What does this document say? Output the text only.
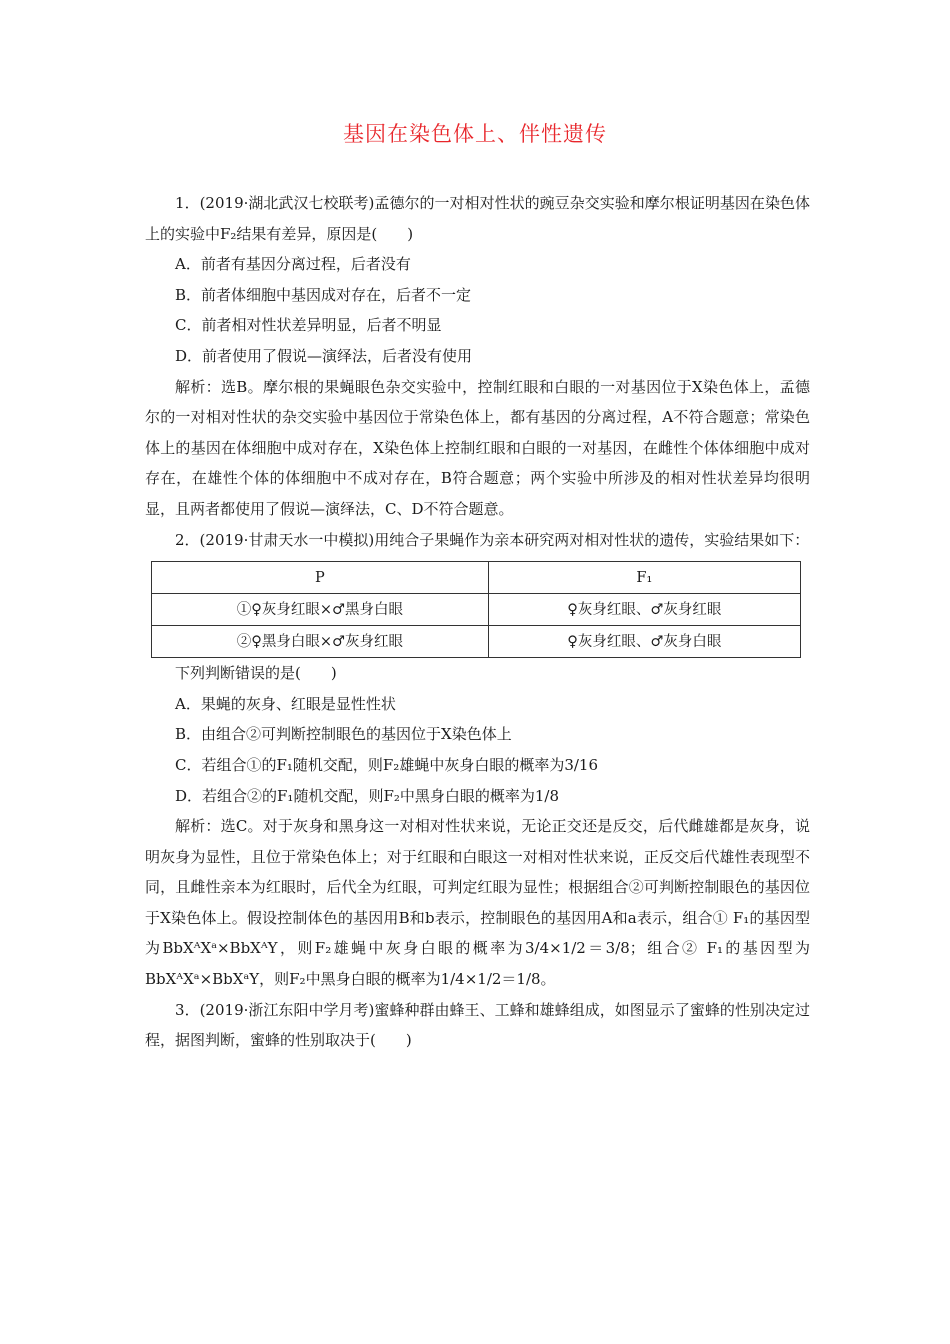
基因在染色体上、伴性遗传

1．(2019·湖北武汉七校联考)孟德尔的一对相对性状的豌豆杂交实验和摩尔根证明基因在染色体上的实验中F₂结果有差异，原因是(　　)

A．前者有基因分离过程，后者没有

B．前者体细胞中基因成对存在，后者不一定

C．前者相对性状差异明显，后者不明显

D．前者使用了假说—演绎法，后者没有使用

解析：选B。摩尔根的果蝇眼色杂交实验中，控制红眼和白眼的一对基因位于X染色体上，孟德尔的一对相对性状的杂交实验中基因位于常染色体上，都有基因的分离过程，A不符合题意；常染色体上的基因在体细胞中成对存在，X染色体上控制红眼和白眼的一对基因，在雌性个体体细胞中成对存在，在雄性个体的体细胞中不成对存在，B符合题意；两个实验中所涉及的相对性状差异均很明显，且两者都使用了假说—演绎法，C、D不符合题意。

2．(2019·甘肃天水一中模拟)用纯合子果蝇作为亲本研究两对相对性状的遗传，实验结果如下：

P	F₁
①♀灰身红眼×♂黑身白眼	♀灰身红眼、♂灰身红眼
②♀黑身白眼×♂灰身红眼	♀灰身红眼、♂灰身白眼

下列判断错误的是(　　)

A．果蝇的灰身、红眼是显性性状

B．由组合②可判断控制眼色的基因位于X染色体上

C．若组合①的F₁随机交配，则F₂雄蝇中灰身白眼的概率为3/16

D．若组合②的F₁随机交配，则F₂中黑身白眼的概率为1/8

解析：选C。对于灰身和黑身这一对相对性状来说，无论正交还是反交，后代雌雄都是灰身，说明灰身为显性，且位于常染色体上；对于红眼和白眼这一对相对性状来说，正反交后代雄性表现型不同，且雌性亲本为红眼时，后代全为红眼，可判定红眼为显性；根据组合②可判断控制眼色的基因位于X染色体上。假设控制体色的基因用B和b表示，控制眼色的基因用A和a表示，组合① F₁的基因型为BbXᴬXᵃ×BbXᴬY，则F₂雄蝇中灰身白眼的概率为3/4×1/2＝3/8；组合② F₁的基因型为BbXᴬXᵃ×BbXᵃY，则F₂中黑身白眼的概率为1/4×1/2＝1/8。

3．(2019·浙江东阳中学月考)蜜蜂种群由蜂王、工蜂和雄蜂组成，如图显示了蜜蜂的性别决定过程，据图判断，蜜蜂的性别取决于(　　)
